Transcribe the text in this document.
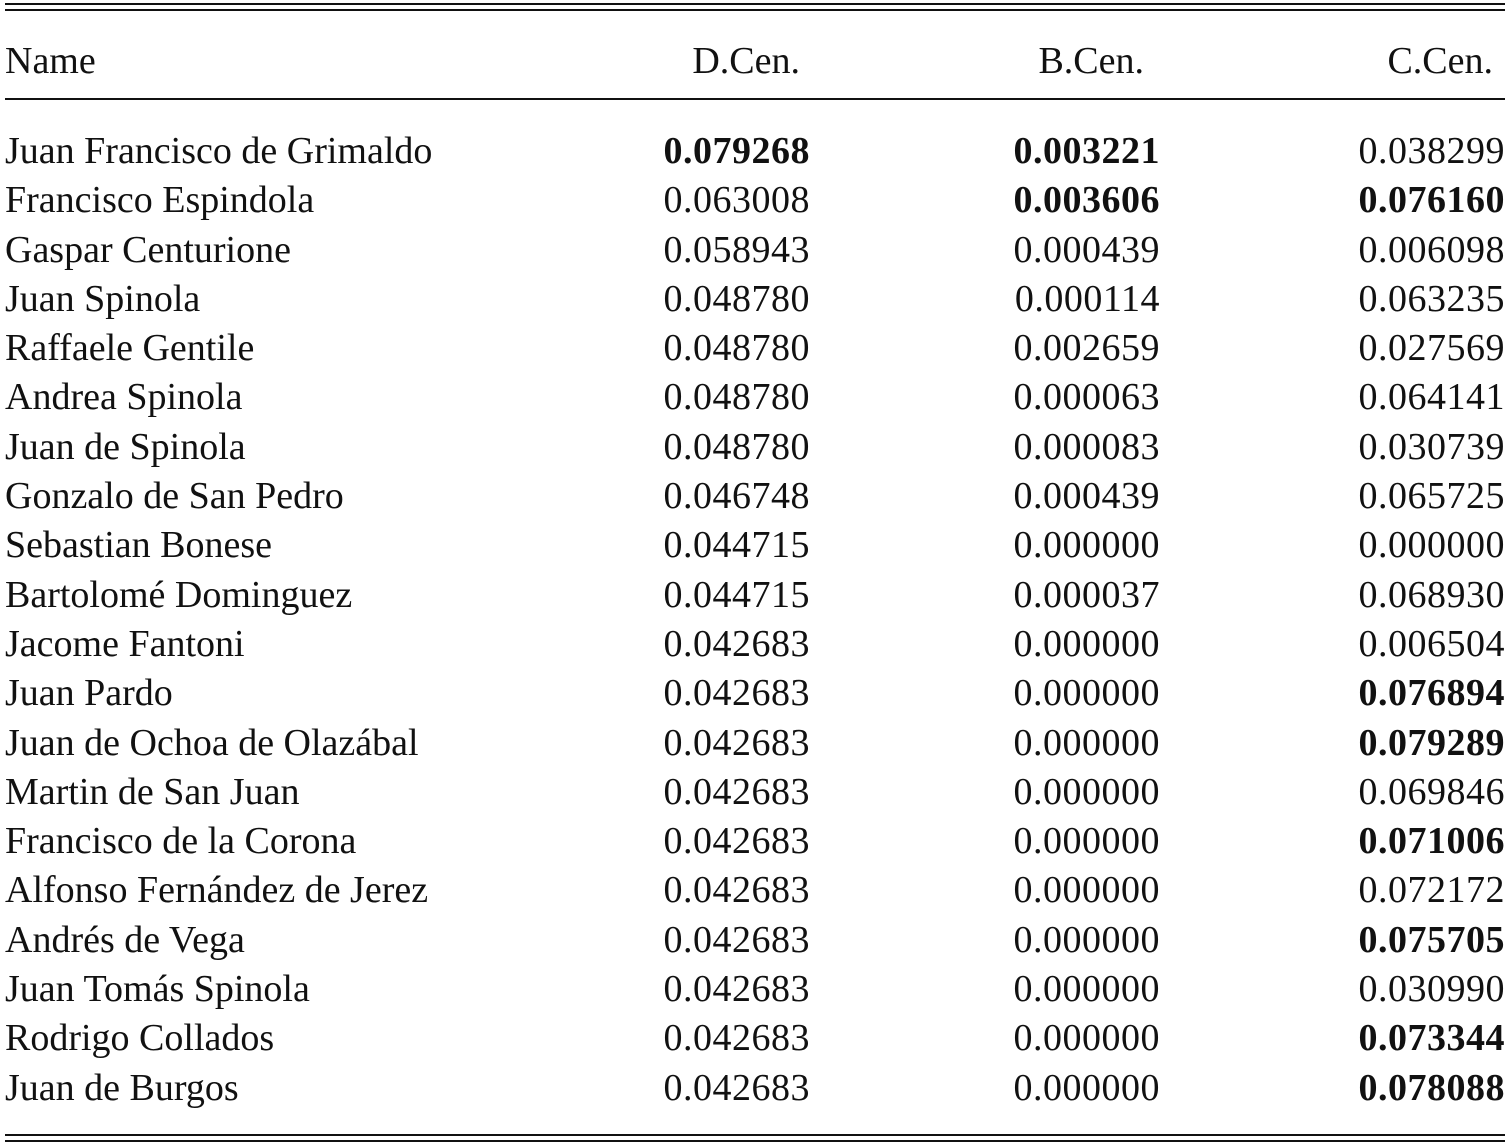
Name	D.Cen.	B.Cen.	C.Cen.
Juan Francisco de Grimaldo	0.079268	0.003221	0.038299
Francisco Espindola	0.063008	0.003606	0.076160
Gaspar Centurione	0.058943	0.000439	0.006098
Juan Spinola	0.048780	0.000114	0.063235
Raffaele Gentile	0.048780	0.002659	0.027569
Andrea Spinola	0.048780	0.000063	0.064141
Juan de Spinola	0.048780	0.000083	0.030739
Gonzalo de San Pedro	0.046748	0.000439	0.065725
Sebastian Bonese	0.044715	0.000000	0.000000
Bartolomé Dominguez	0.044715	0.000037	0.068930
Jacome Fantoni	0.042683	0.000000	0.006504
Juan Pardo	0.042683	0.000000	0.076894
Juan de Ochoa de Olazábal	0.042683	0.000000	0.079289
Martin de San Juan	0.042683	0.000000	0.069846
Francisco de la Corona	0.042683	0.000000	0.071006
Alfonso Fernández de Jerez	0.042683	0.000000	0.072172
Andrés de Vega	0.042683	0.000000	0.075705
Juan Tomás Spinola	0.042683	0.000000	0.030990
Rodrigo Collados	0.042683	0.000000	0.073344
Juan de Burgos	0.042683	0.000000	0.078088
